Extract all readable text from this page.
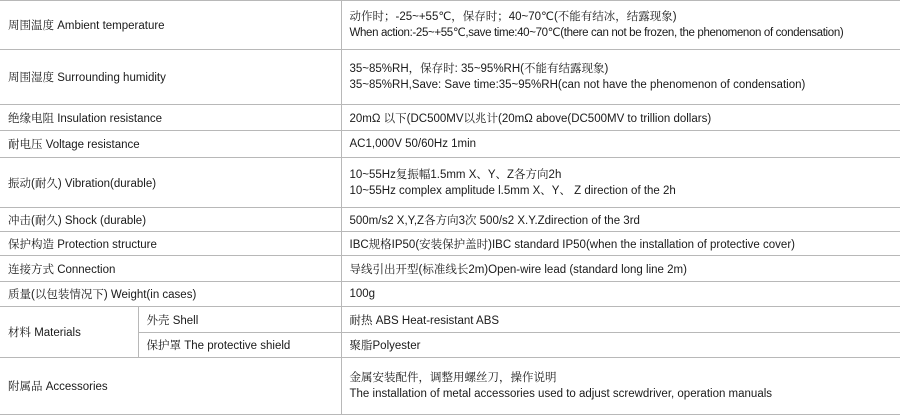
周围温度 Ambient temperature		动作时；-25~+55℃，保存时；40~70℃(不能有结冰，结露现象)
When action:-25~+55℃,save time:40~70℃(there can not be frozen, the phenomenon of condensation)

周围湿度 Surrounding humidity		35~85%RH，保存时: 35~95%RH(不能有结露现象)
35~85%RH,Save: Save time:35~95%RH(can not have the phenomenon of condensation)

绝缘电阻 Insulation resistance		20mΩ 以下(DC500MV以兆计(20mΩ above(DC500MV to trillion dollars)
耐电压 Voltage resistance		AC1,000V 50/60Hz 1min
振动(耐久) Vibration(durable)		10~55Hz复振幅1.5mm X、Y、Z各方向2h
10~55Hz complex amplitude l.5mm X、Y、 Z direction of the 2h

冲击(耐久) Shock (durable)		500m/s2 X,Y,Z各方向3次 500/s2 X.Y.Zdirection of the 3rd
保护构造 Protection structure		IBC规格IP50(安装保护盖时)IBC standard IP50(when the installation of protective cover)
连接方式 Connection		导线引出开型(标准线长2m)Open-wire lead (standard long line 2m)
质量(以包装情况下) Weight(in cases)		100g
材料 Materials	外壳 Shell	耐热 ABS Heat-resistant ABS
	保护罩 The protective shield	聚脂Polyester
附属品 Accessories		金属安装配件，调整用螺丝刀，操作说明
The installation of metal accessories used to adjust screwdriver, operation manuals
